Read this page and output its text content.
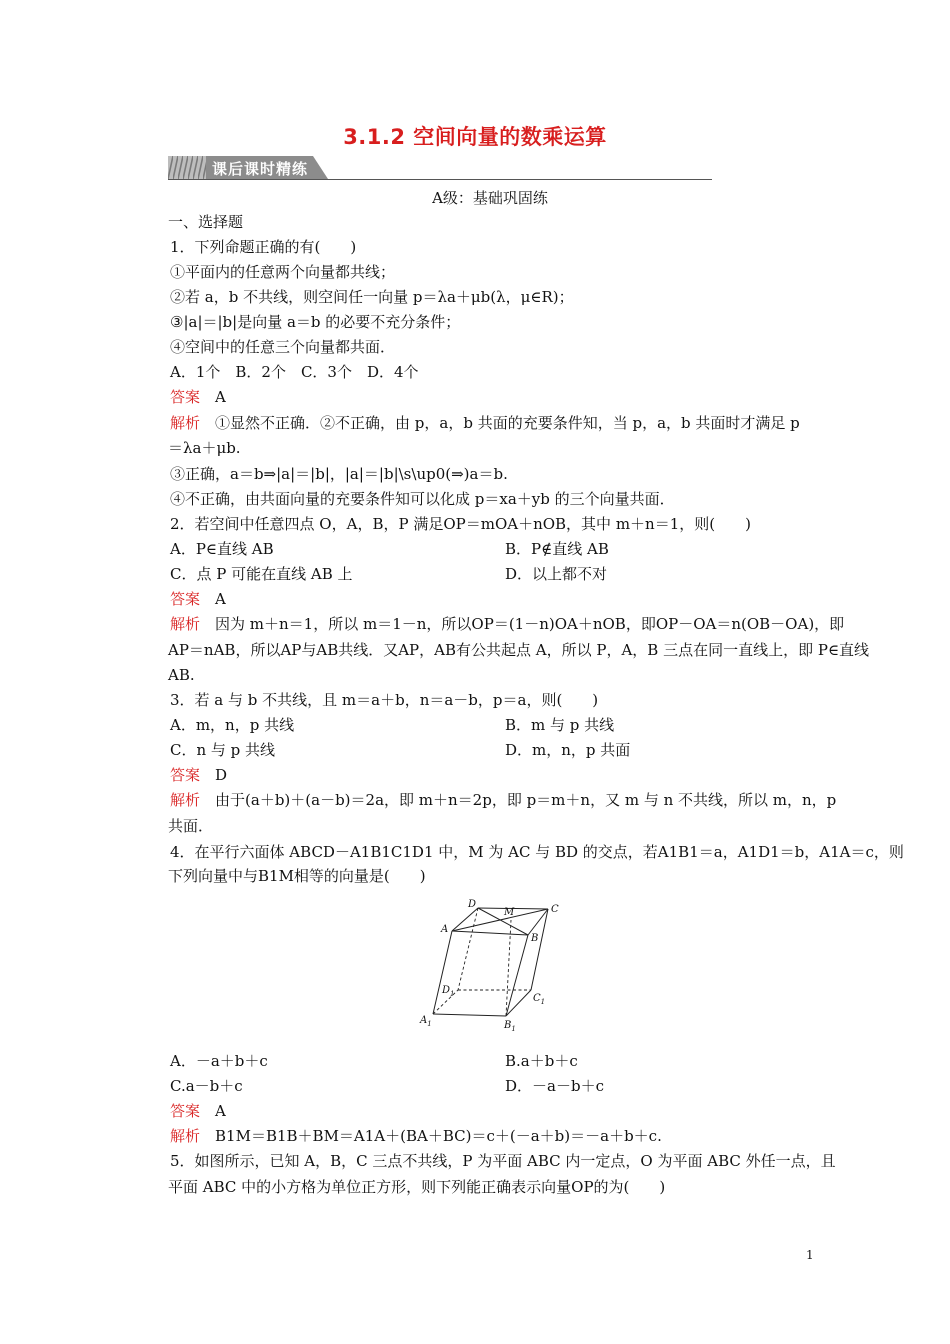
3.1.2 空间向量的数乘运算
课后课时精练
A级：基础巩固练
一、选择题
1．下列命题正确的有(　　)
①平面内的任意两个向量都共线；
②若 a，b 不共线，则空间任一向量 p＝λa＋μb(λ，μ∈R)；
③|a|＝|b|是向量 a＝b 的必要不充分条件；
④空间中的任意三个向量都共面．
A．1个　B．2个　C．3个　D．4个
答案　 A
解析　 ①显然不正确．②不正确，由 p，a，b 共面的充要条件知，当 p，a，b 共面时才满足 p
＝λa＋μb.
③正确，a＝b⇒|a|＝|b|，|a|＝|b|\s\up0(⇒)a＝b.
④不正确，由共面向量的充要条件知可以化成 p＝xa＋yb 的三个向量共面．
2．若空间中任意四点 O，A，B，P 满足OP＝mOA＋nOB，其中 m＋n＝1，则(　　)
A．P∈直线 AB	B．P∉直线 AB
C．点 P 可能在直线 AB 上	D．以上都不对
答案　 A
解析　 因为 m＋n＝1，所以 m＝1－n，所以OP＝(1－n)OA＋nOB，即OP－OA＝n(OB－OA)，即
AP＝nAB，所以AP与AB共线．又AP，AB有公共起点 A，所以 P，A，B 三点在同一直线上，即 P∈直线
AB.
3．若 a 与 b 不共线，且 m＝a＋b，n＝a－b，p＝a，则(　　)
A．m，n，p 共线	B．m 与 p 共线
C．n 与 p 共线	D．m，n，p 共面
答案　 D
解析　 由于(a＋b)＋(a－b)＝2a，即 m＋n＝2p，即 p＝m＋n，又 m 与 n 不共线，所以 m，n，p
共面．
4．在平行六面体 ABCD－A1B1C1D1 中，M 为 AC 与 BD 的交点，若A1B1＝a，A1D1＝b，A1A＝c，则
下列向量中与B1M相等的向量是(　　)
D
M	C
A
B
$D_1$	$C_1$
$A_1$	$B_1$
A．－a＋b＋c	B.a＋b＋c
C.a－b＋c	D．－a－b＋c
答案　 A
解析　 B1M＝B1B＋BM＝A1A＋(BA＋BC)＝c＋(－a＋b)＝－a＋b＋c.
5．如图所示，已知 A，B，C 三点不共线，P 为平面 ABC 内一定点，O 为平面 ABC 外任一点，且
平面 ABC 中的小方格为单位正方形，则下列能正确表示向量OP的为(　　)
1
